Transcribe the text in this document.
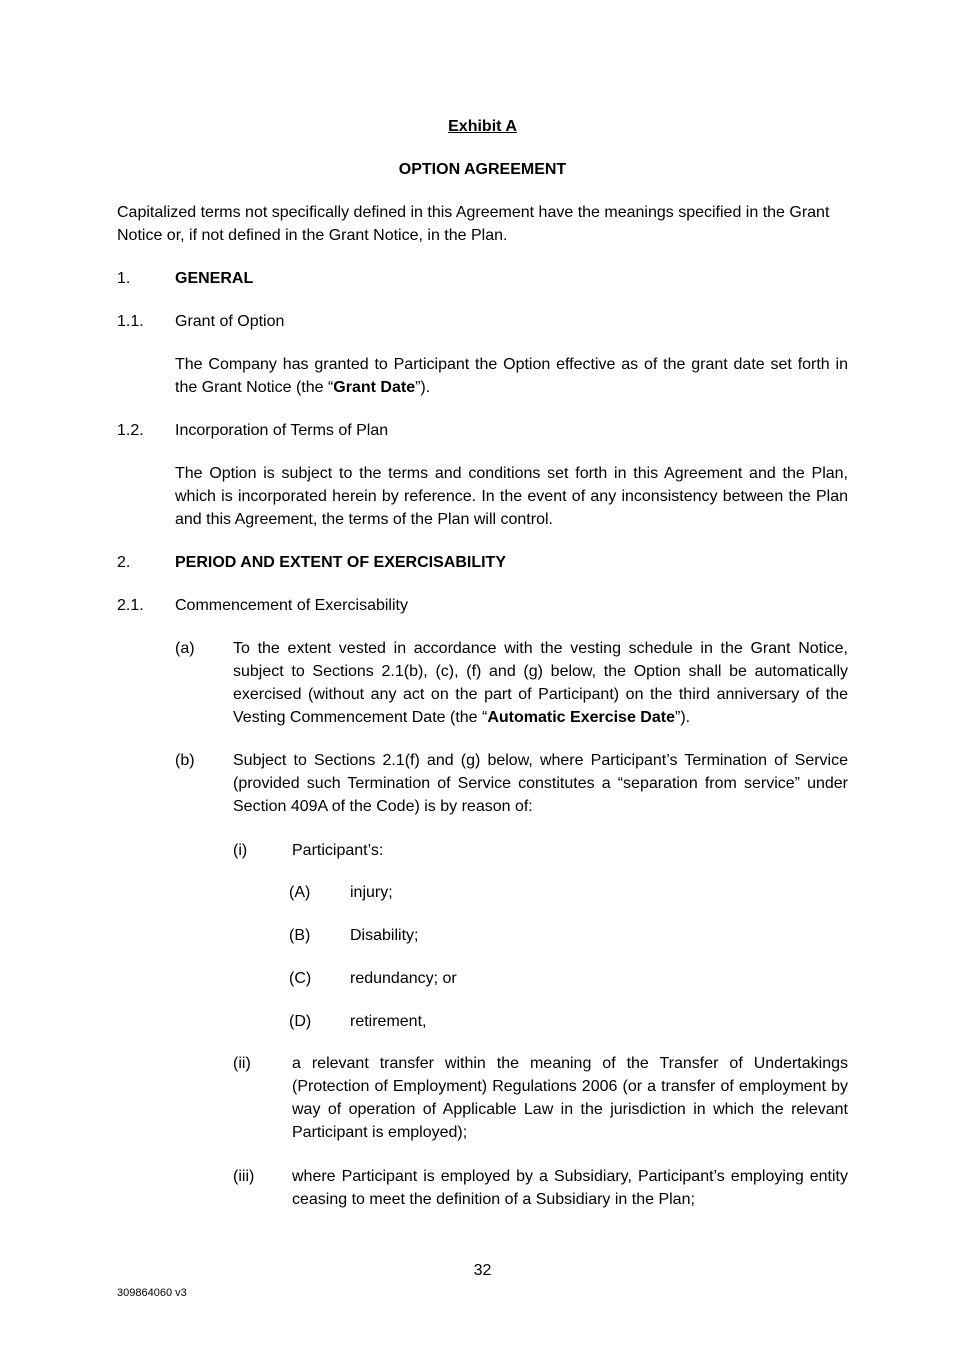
Exhibit A
OPTION AGREEMENT

Capitalized terms not specifically defined in this Agreement have the meanings specified in the Grant Notice or, if not defined in the Grant Notice, in the Plan.

1.	GENERAL
1.1. Grant of Option

The Company has granted to Participant the Option effective as of the grant date set forth in the Grant Notice (the “Grant Date”).

1.2. Incorporation of Terms of Plan

The Option is subject to the terms and conditions set forth in this Agreement and the Plan, which is incorporated herein by reference. In the event of any inconsistency between the Plan and this Agreement, the terms of the Plan will control.

2.	PERIOD AND EXTENT OF EXERCISABILITY
2.1. Commencement of Exercisability
(a) To the extent vested in accordance with the vesting schedule in the Grant Notice, subject to Sections 2.1(b), (c), (f) and (g) below, the Option shall be automatically exercised (without any act on the part of Participant) on the third anniversary of the Vesting Commencement Date (the “Automatic Exercise Date”).

(b) Subject to Sections 2.1(f) and (g) below, where Participant’s Termination of Service (provided such Termination of Service constitutes a “separation from service” under Section 409A of the Code) is by reason of:

(i)	Participant’s:
(A) injury;
(B) Disability;
(C) redundancy; or
(D) retirement,
(ii)	a relevant transfer within the meaning of the Transfer of Undertakings (Protection of Employment) Regulations 2006 (or a transfer of employment by way of operation of Applicable Law in the jurisdiction in which the relevant Participant is employed);

(iii) where Participant is employed by a Subsidiary, Participant’s employing entity ceasing to meet the definition of a Subsidiary in the Plan;

32
309864060 v3
